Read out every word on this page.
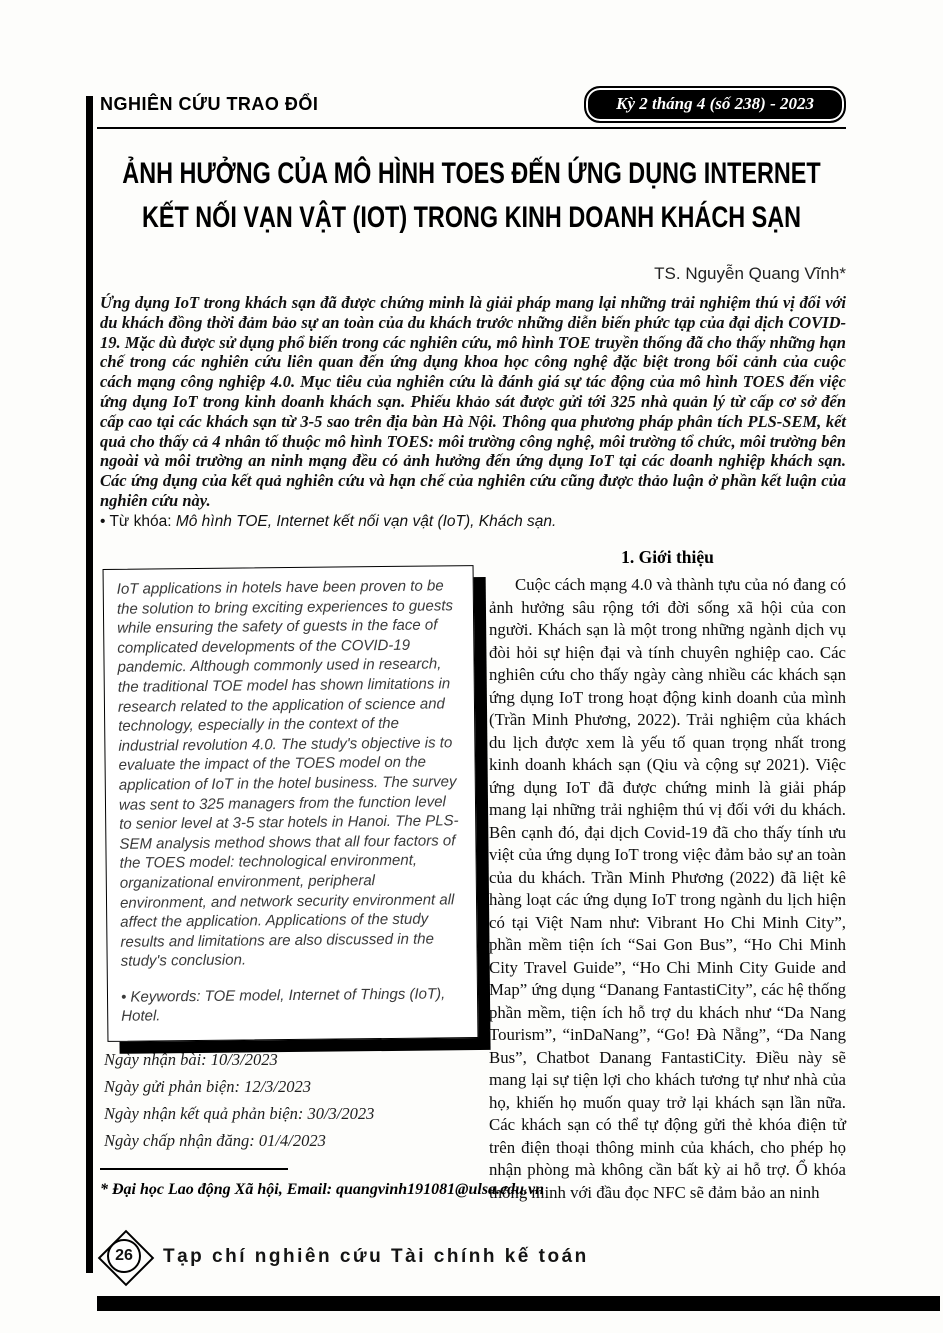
NGHIÊN CỨU TRAO ĐỔI	Kỳ 2 tháng 4 (số 238) - 2023
ẢNH HƯỞNG CỦA MÔ HÌNH TOES ĐẾN ỨNG DỤNG INTERNET
KẾT NỐI VẠN VẬT (IOT) TRONG KINH DOANH KHÁCH SẠN
TS. Nguyễn Quang Vĩnh*
Ứng dụng IoT trong khách sạn đã được chứng minh là giải pháp mang lại những trải nghiệm thú vị đối với du khách đồng thời đảm bảo sự an toàn của du khách trước những diễn biến phức tạp của đại dịch COVID-19. Mặc dù được sử dụng phổ biến trong các nghiên cứu, mô hình TOE truyền thống đã cho thấy những hạn chế trong các nghiên cứu liên quan đến ứng dụng khoa học công nghệ đặc biệt trong bối cảnh của cuộc cách mạng công nghiệp 4.0. Mục tiêu của nghiên cứu là đánh giá sự tác động của mô hình TOES đến việc ứng dụng IoT trong kinh doanh khách sạn. Phiếu khảo sát được gửi tới 325 nhà quản lý từ cấp cơ sở đến cấp cao tại các khách sạn từ 3-5 sao trên địa bàn Hà Nội. Thông qua phương pháp phân tích PLS-SEM, kết quả cho thấy cả 4 nhân tố thuộc mô hình TOES: môi trường công nghệ, môi trường tổ chức, môi trường bên ngoài và môi trường an ninh mạng đều có ảnh hưởng đến ứng dụng IoT tại các doanh nghiệp khách sạn. Các ứng dụng của kết quả nghiên cứu và hạn chế của nghiên cứu cũng được thảo luận ở phần kết luận của nghiên cứu này.
• Từ khóa: Mô hình TOE, Internet kết nối vạn vật (IoT), Khách sạn.

IoT applications in hotels have been proven to be the solution to bring exciting experiences to guests while ensuring the safety of guests in the face of complicated developments of the COVID-19 pandemic. Although commonly used in research, the traditional TOE model has shown limitations in research related to the application of science and technology, especially in the context of the industrial revolution 4.0. The study's objective is to evaluate the impact of the TOES model on the application of IoT in the hotel business. The survey was sent to 325 managers from the function level to senior level at 3-5 star hotels in Hanoi. The PLS-SEM analysis method shows that all four factors of the TOES model: technological environment, organizational environment, peripheral environment, and network security environment all affect the application. Applications of the study results and limitations are also discussed in the study's conclusion.

• Keywords: TOE model, Internet of Things (IoT), Hotel.

Ngày nhận bài: 10/3/2023
Ngày gửi phản biện: 12/3/2023
Ngày nhận kết quả phản biện: 30/3/2023
Ngày chấp nhận đăng: 01/4/2023
1. Giới thiệu

Cuộc cách mạng 4.0 và thành tựu của nó đang có ảnh hưởng sâu rộng tới đời sống xã hội của con người. Khách sạn là một trong những ngành dịch vụ đòi hỏi sự hiện đại và tính chuyên nghiệp cao. Các nghiên cứu cho thấy ngày càng nhiều các khách sạn ứng dụng IoT trong hoạt động kinh doanh của mình (Trần Minh Phương, 2022). Trải nghiệm của khách du lịch được xem là yếu tố quan trọng nhất trong kinh doanh khách sạn (Qiu và cộng sự 2021). Việc ứng dụng IoT đã được chứng minh là giải pháp mang lại những trải nghiệm thú vị đối với du khách. Bên cạnh đó, đại dịch Covid-19 đã cho thấy tính ưu việt của ứng dụng IoT trong việc đảm bảo sự an toàn của du khách. Trần Minh Phương (2022) đã liệt kê hàng loạt các ứng dụng IoT trong ngành du lịch hiện có tại Việt Nam như: Vibrant Ho Chi Minh City”, phần mềm tiện ích “Sai Gon Bus”, “Ho Chi Minh City Travel Guide”, “Ho Chi Minh City Guide and Map” ứng dụng “Danang FantastiCity”, các hệ thống phần mềm, tiện ích hỗ trợ du khách như “Da Nang Tourism”, “inDaNang”, “Go! Đà Nẵng”, “Da Nang Bus”, Chatbot Danang FantastiCity. Điều này sẽ mang lại sự tiện lợi cho khách tương tự như nhà của họ, khiến họ muốn quay trở lại khách sạn lần nữa. Các khách sạn có thể tự động gửi thẻ khóa điện tử trên điện thoại thông minh của khách, cho phép họ nhận phòng mà không cần bất kỳ ai hỗ trợ. Ổ khóa thông minh với đầu đọc NFC sẽ đảm bảo an ninh

* Đại học Lao động Xã hội, Email: quangvinh191081@ulsa.edu.vn
26	Tạp chí nghiên cứu Tài chính kế toán
